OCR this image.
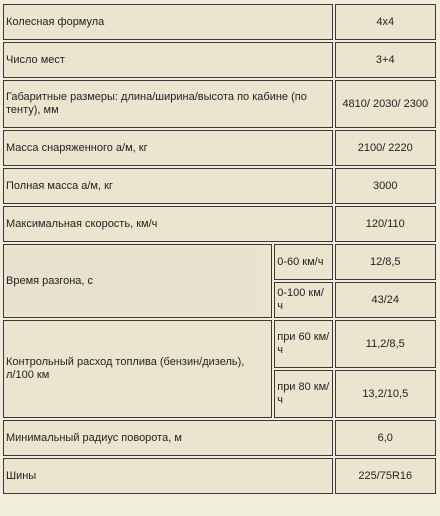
Колесная формула		4x4
Число мест		3+4
Габаритные размеры: длина/ширина/высота по кабине (по тенту), мм		4810/ 2030/ 2300
Масса снаряженного а/м, кг		2100/ 2220
Полная масса а/м, кг		3000
Максимальная скорость, км/ч		120/110

Время разгона, с	0-60 км/ч	12/8,5
	0-100 км/ч	43/24
Контрольный расход топлива (бензин/дизель), л/100 км	при 60 км/ч	11,2/8,5
	при 80 км/ч	13,2/10,5
Минимальный радиус поворота, м		6,0
Шины		225/75R16
